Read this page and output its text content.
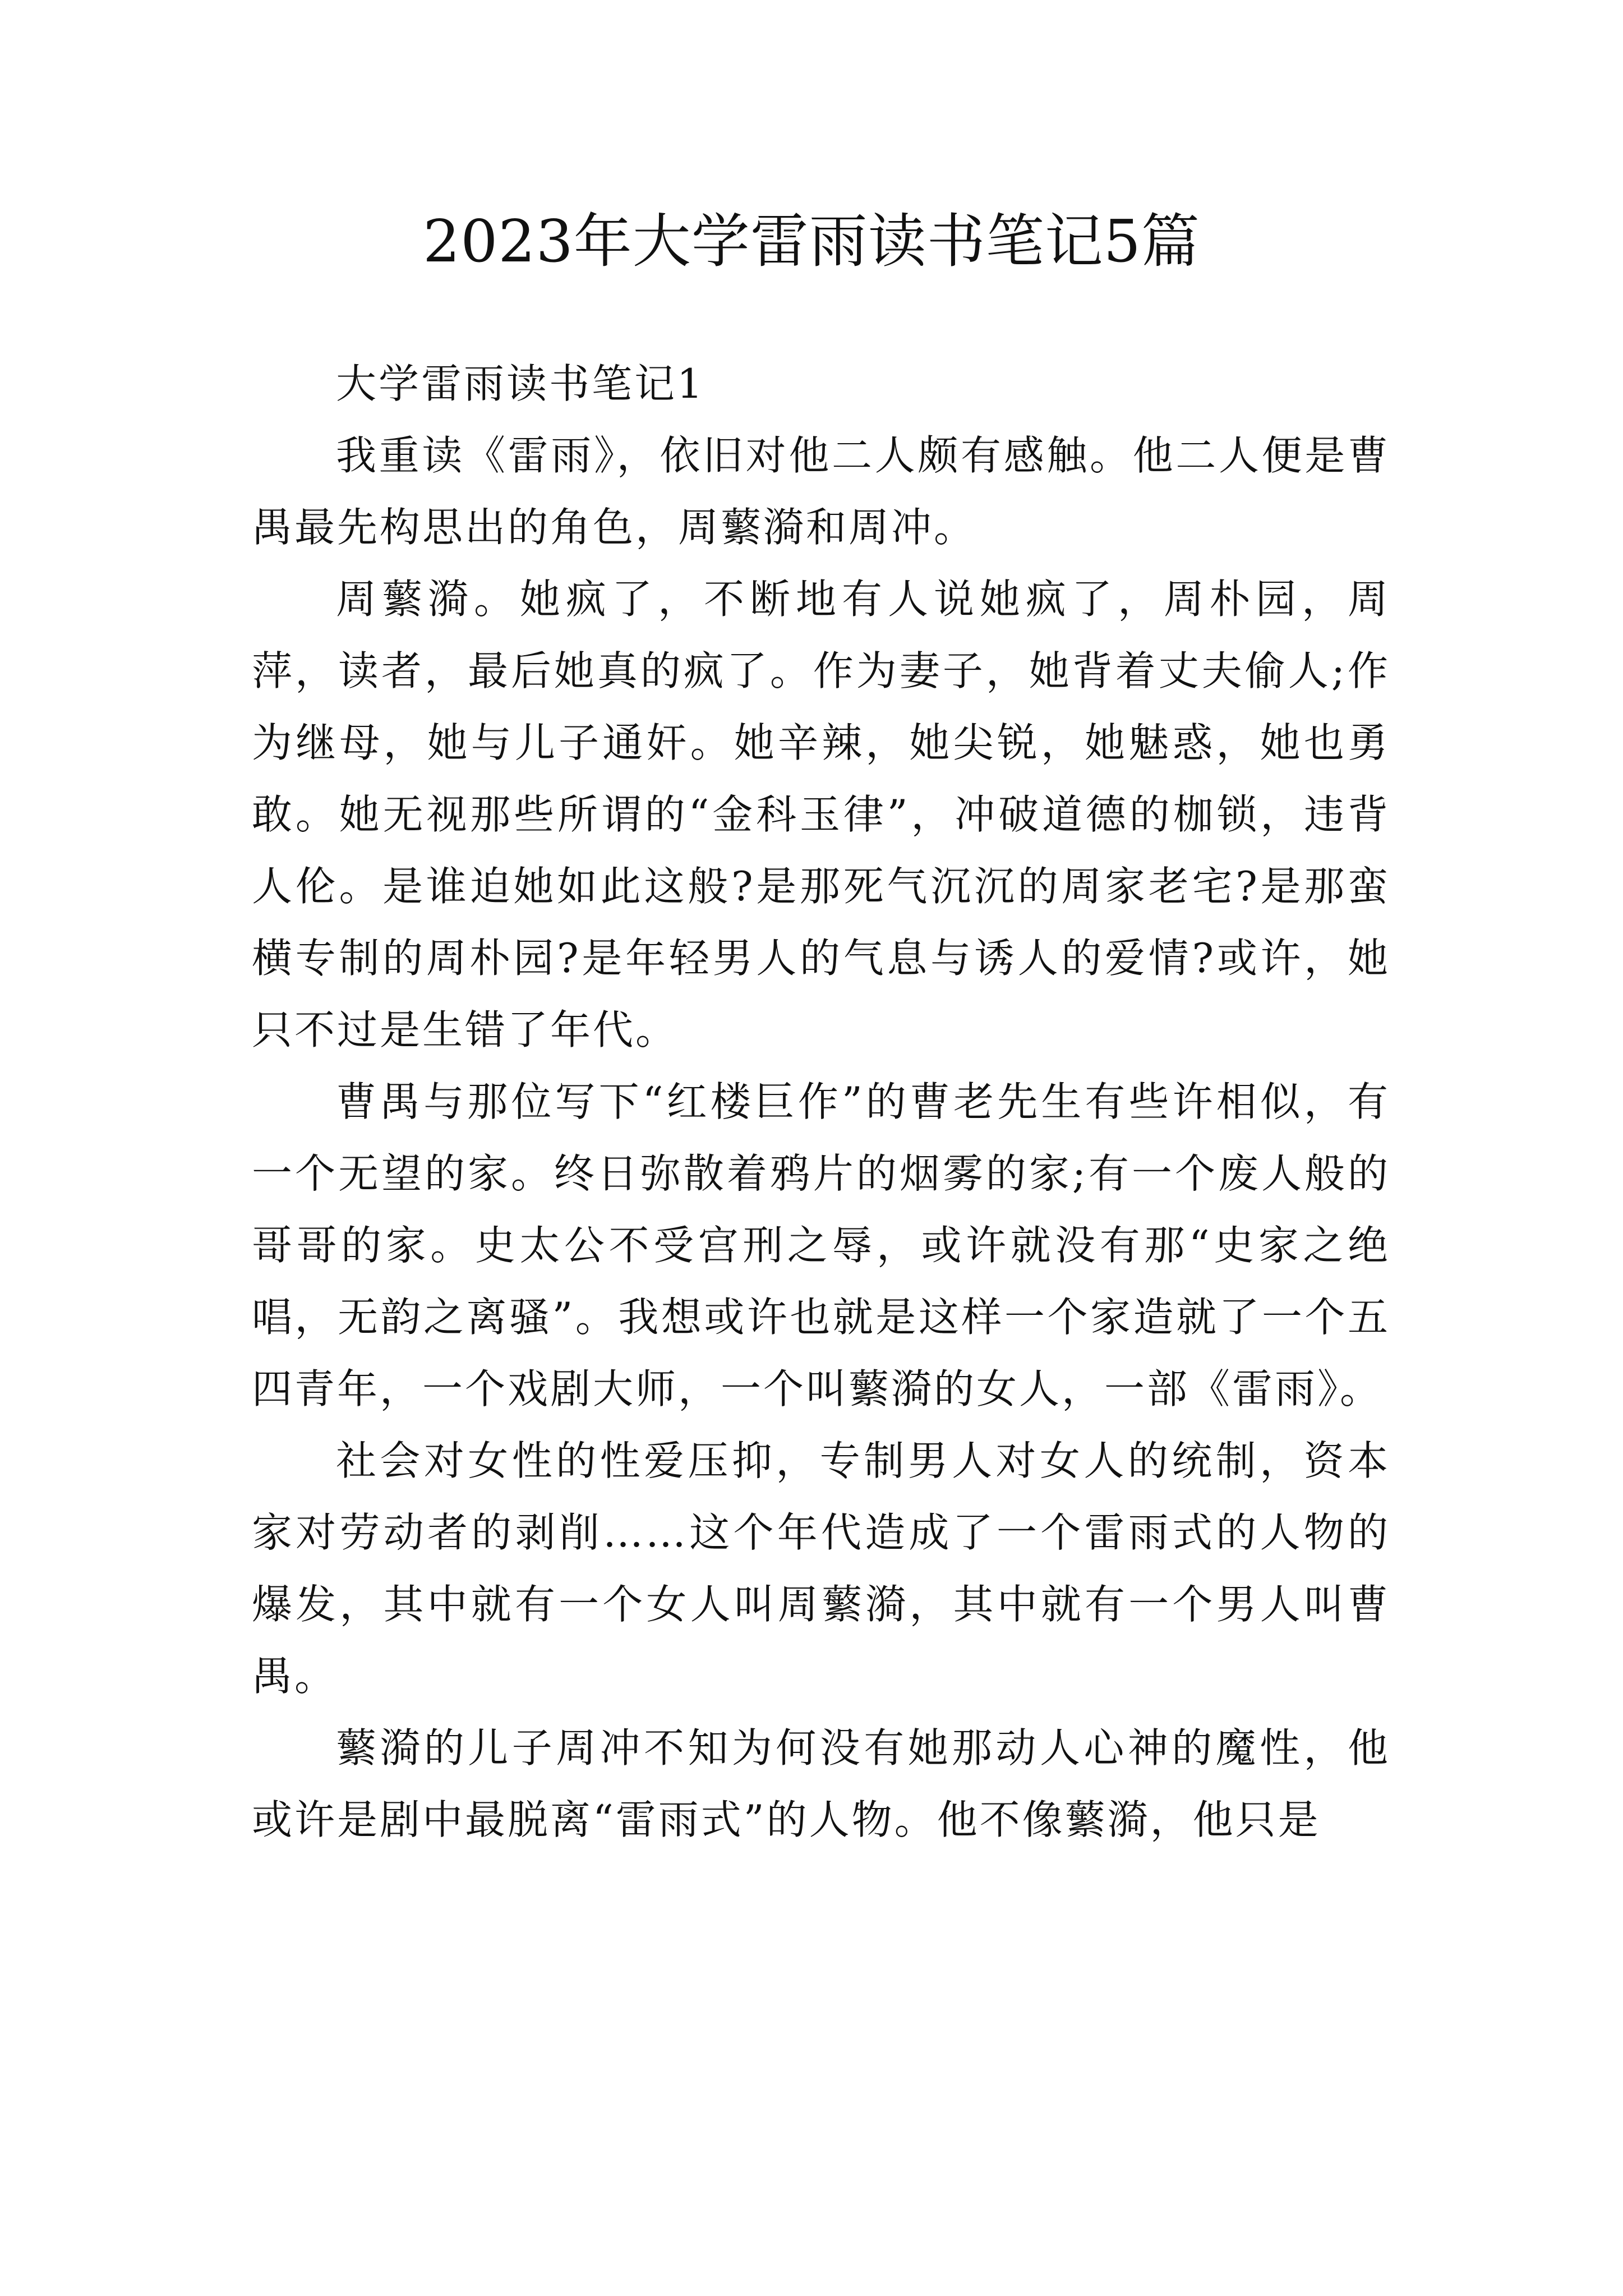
2023年大学雷雨读书笔记5篇
大学雷雨读书笔记1

我重读《雷雨》，依旧对他二人颇有感触。他二人便是曹禺最先构思出的角色，周蘩漪和周冲。

周蘩漪。她疯了，不断地有人说她疯了，周朴园，周萍，读者，最后她真的疯了。作为妻子，她背着丈夫偷人;作为继母，她与儿子通奸。她辛辣，她尖锐，她魅惑，她也勇敢。她无视那些所谓的“金科玉律”，冲破道德的枷锁，违背人伦。是谁迫她如此这般?是那死气沉沉的周家老宅?是那蛮横专制的周朴园?是年轻男人的气息与诱人的爱情?或许，她只不过是生错了年代。

曹禺与那位写下“红楼巨作”的曹老先生有些许相似，有一个无望的家。终日弥散着鸦片的烟雾的家;有一个废人般的哥哥的家。史太公不受宫刑之辱，或许就没有那“史家之绝唱，无韵之离骚”。我想或许也就是这样一个家造就了一个五四青年，一个戏剧大师，一个叫蘩漪的女人，一部《雷雨》。

社会对女性的性爱压抑，专制男人对女人的统制，资本家对劳动者的剥削……这个年代造成了一个雷雨式的人物的爆发，其中就有一个女人叫周蘩漪，其中就有一个男人叫曹禺。

蘩漪的儿子周冲不知为何没有她那动人心神的魔性，他或许是剧中最脱离“雷雨式”的人物。他不像蘩漪，他只是
